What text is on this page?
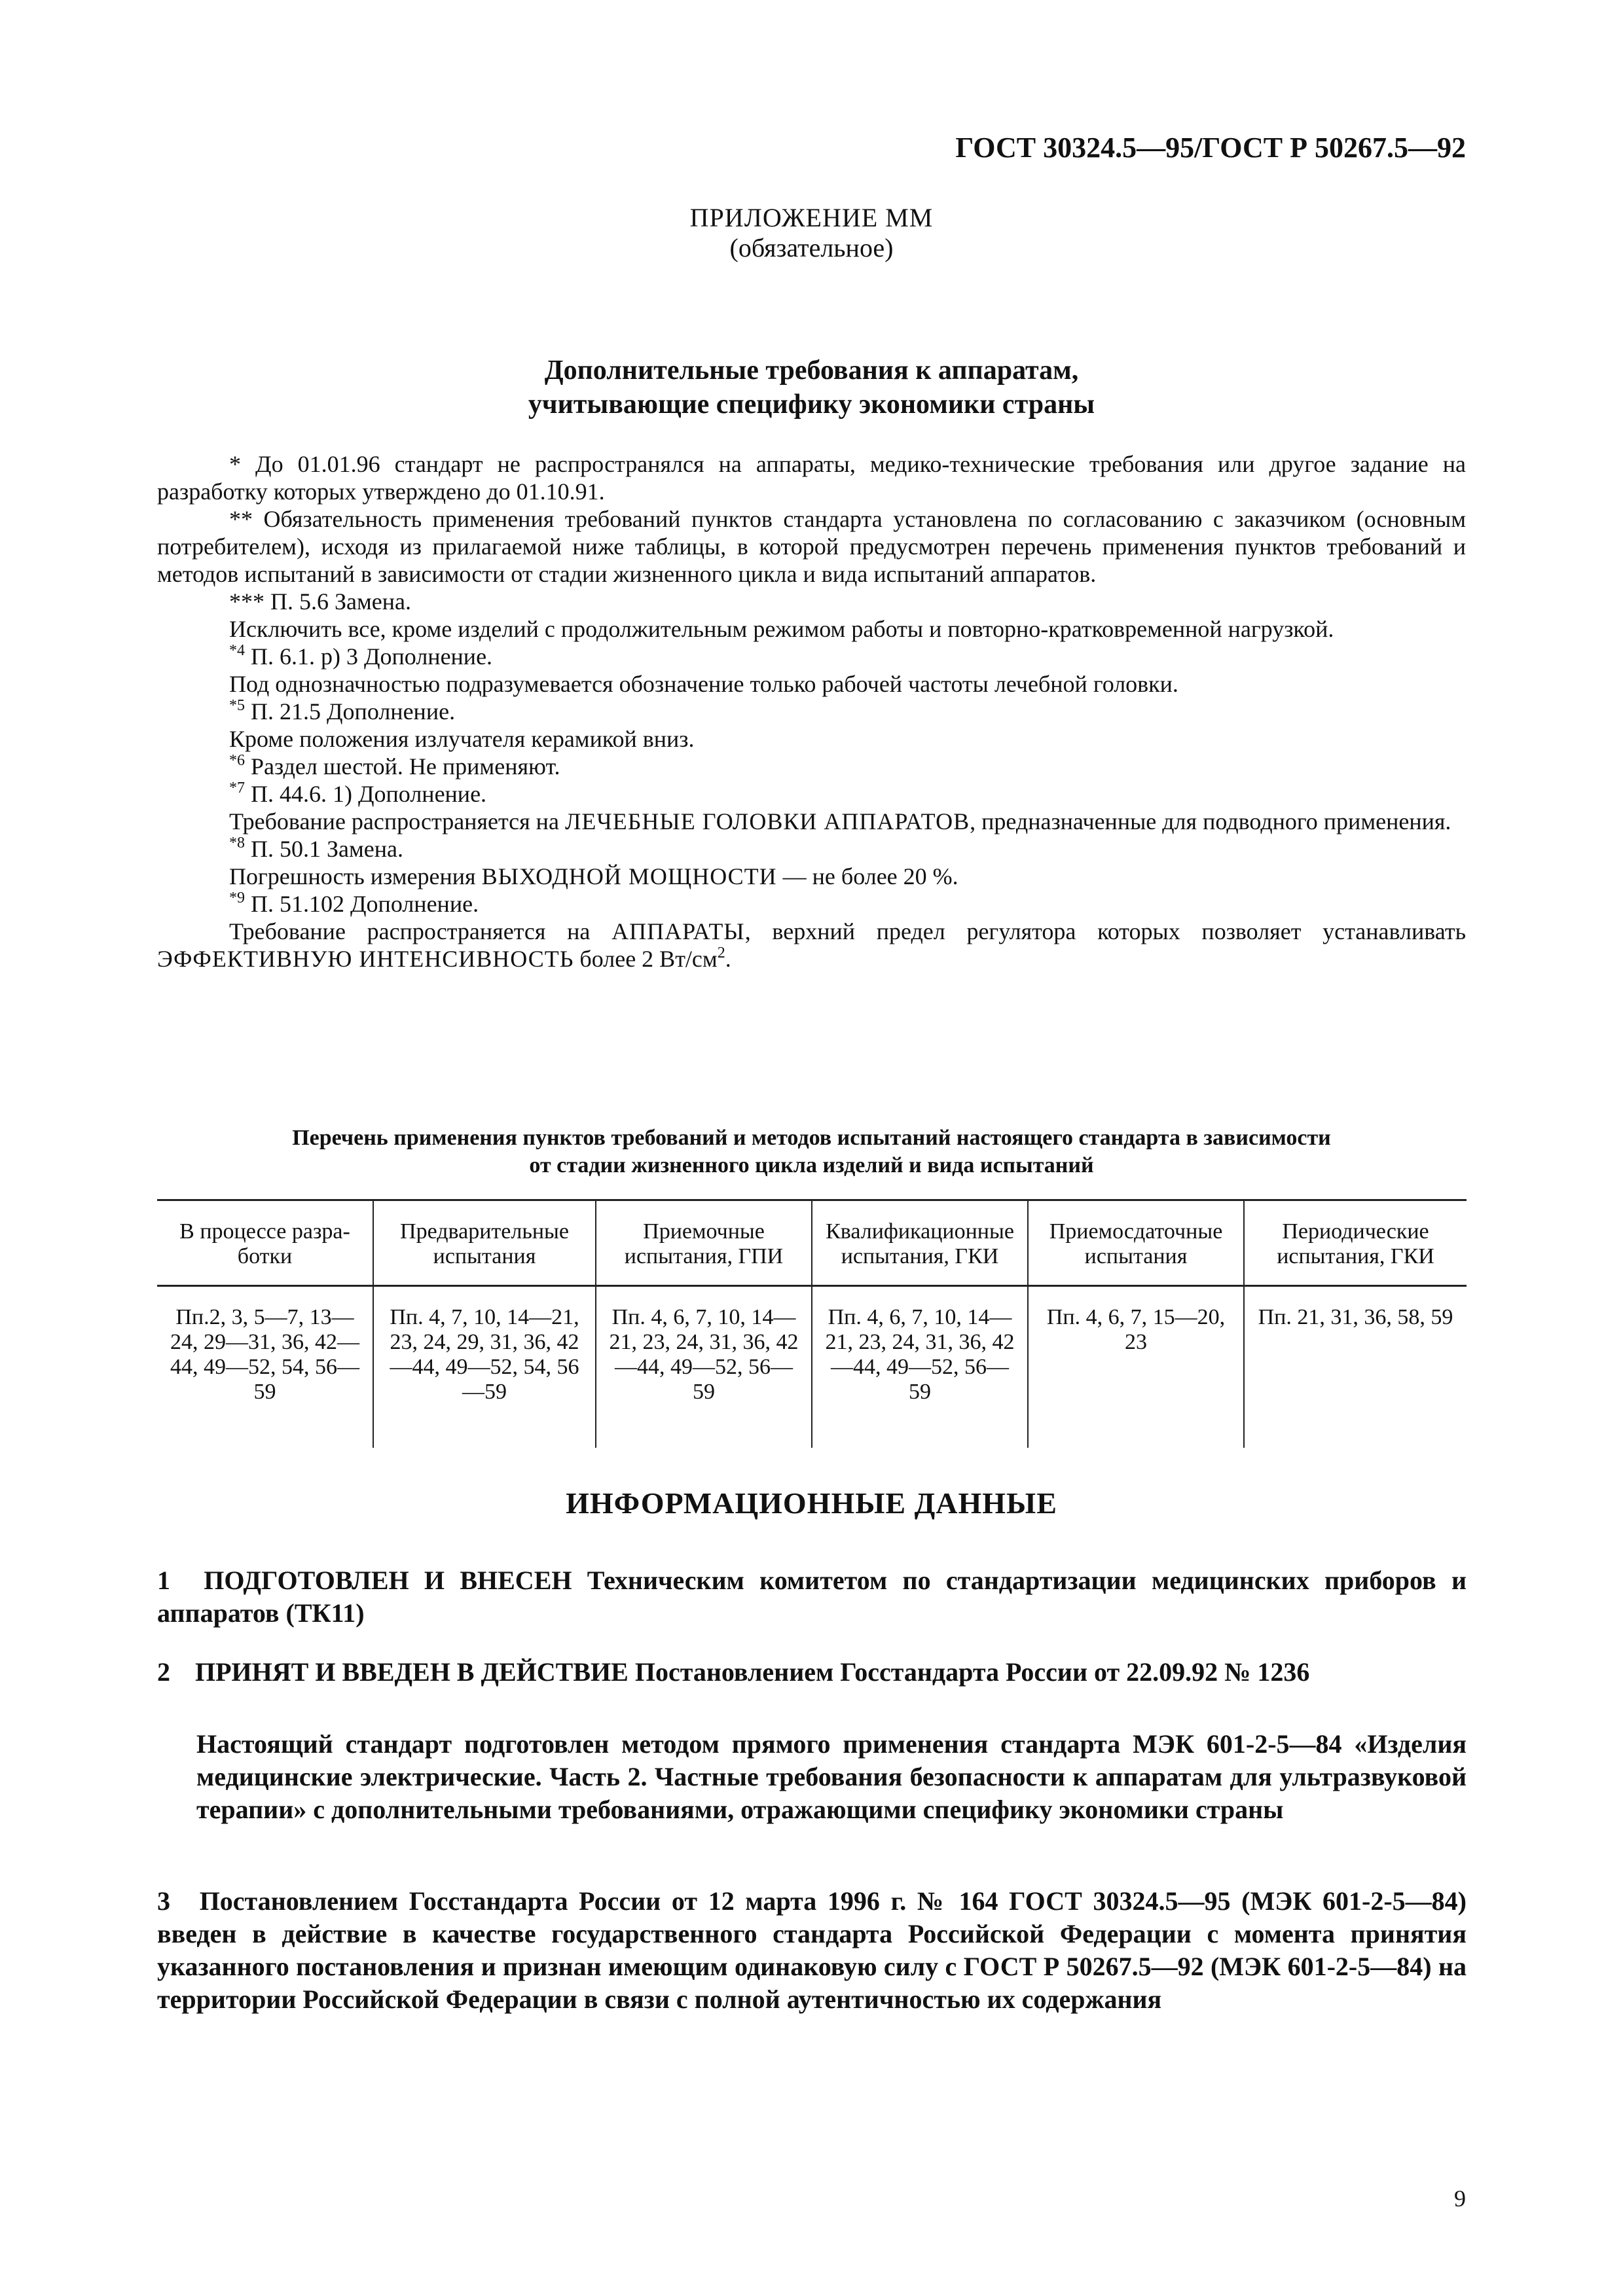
ГОСТ 30324.5—95/ГОСТ Р 50267.5—92
ПРИЛОЖЕНИЕ ММ
(обязательное)
Дополнительные требования к аппаратам,
учитывающие специфику экономики страны

* До 01.01.96 стандарт не распространялся на аппараты, медико-технические требования или другое задание на разработку которых утверждено до 01.10.91.

** Обязательность применения требований пунктов стандарта установлена по согласованию с заказчиком (основным потребителем), исходя из прилагаемой ниже таблицы, в которой предусмотрен перечень применения пунктов требований и методов испытаний в зависимости от стадии жизненного цикла и вида испытаний аппаратов.

*** П. 5.6 Замена.

Исключить все, кроме изделий с продолжительным режимом работы и повторно-кратковременной нагрузкой.

$^{*4}$ П. 6.1. р) 3 Дополнение.

Под однозначностью подразумевается обозначение только рабочей частоты лечебной головки.

$^{*5}$ П. 21.5 Дополнение.

Кроме положения излучателя керамикой вниз.

$^{*6}$ Раздел шестой. Не применяют.

$^{*7}$ П. 44.6. 1) Дополнение.

Требование распространяется на ЛЕЧЕБНЫЕ ГОЛОВКИ АППАРАТОВ, предназначенные для подводного применения.

$^{*8}$ П. 50.1 Замена.

Погрешность измерения ВЫХОДНОЙ МОЩНОСТИ — не более 20 %.

$^{*9}$ П. 51.102 Дополнение.

Требование распространяется на АППАРАТЫ, верхний предел регулятора которых позволяет устанавливать ЭФФЕКТИВНУЮ ИНТЕНСИВНОСТЬ более 2 $Вт/см^2$.

Перечень применения пунктов требований и методов испытаний настоящего стандарта в зависимости
от стадии жизненного цикла изделий и вида испытаний
В процессе разра-ботки	Предварительные испытания	Приемочные испытания, ГПИ	Квалификационные испытания, ГКИ	Приемосдаточные испытания	Периодические испытания, ГКИ
Пп.2, 3, 5—7, 13—24, 29—31, 36, 42—44, 49—52, 54, 56—59	Пп. 4, 7, 10, 14—21, 23, 24, 29, 31, 36, 42—44, 49—52, 54, 56—59	Пп. 4, 6, 7, 10, 14—21, 23, 24, 31, 36, 42—44, 49—52, 56—59	Пп. 4, 6, 7, 10, 14—21, 23, 24, 31, 36, 42—44, 49—52, 56—59	Пп. 4, 6, 7, 15—20, 23	Пп. 21, 31, 36, 58, 59
ИНФОРМАЦИОННЫЕ ДАННЫЕ
1 ПОДГОТОВЛЕН И ВНЕСЕН Техническим комитетом по стандартизации медицинских приборов и аппаратов (ТК11)
2 ПРИНЯТ И ВВЕДЕН В ДЕЙСТВИЕ Постановлением Госстандарта России от 22.09.92 № 1236
Настоящий стандарт подготовлен методом прямого применения стандарта МЭК 601-2-5—84 «Изделия медицинские электрические. Часть 2. Частные требования безопасности к аппаратам для ультразвуковой терапии» с дополнительными требованиями, отражающими специфику экономики страны
3 Постановлением Госстандарта России от 12 марта 1996 г. № 164 ГОСТ 30324.5—95 (МЭК 601-2-5—84) введен в действие в качестве государственного стандарта Российской Федерации с момента принятия указанного постановления и признан имеющим одинаковую силу с ГОСТ Р 50267.5—92 (МЭК 601-2-5—84) на территории Российской Федерации в связи с полной аутентичностью их содержания
9
